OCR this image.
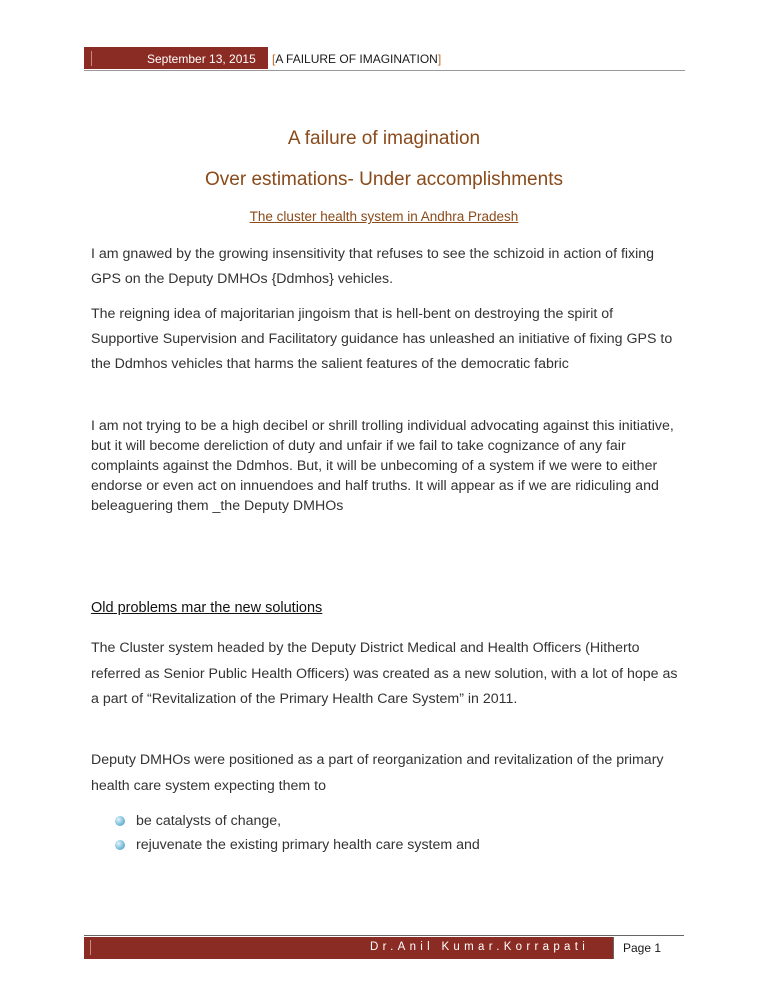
September 13, 2015 [A FAILURE OF IMAGINATION]
A failure of imagination
Over estimations- Under accomplishments
The cluster health system in Andhra Pradesh

I am gnawed by the growing insensitivity that refuses to see the schizoid in action of fixing GPS on the Deputy DMHOs {Ddmhos} vehicles.

The reigning idea of majoritarian jingoism that is hell-bent on destroying the spirit of Supportive Supervision and Facilitatory guidance has unleashed an initiative of fixing GPS to the Ddmhos vehicles that harms the salient features of the democratic fabric

I am not trying to be a high decibel or shrill trolling individual advocating against this initiative, but it will become dereliction of duty and unfair if we fail to take cognizance of any fair complaints against the Ddmhos. But, it will be unbecoming of a system if we were to either endorse or even act on innuendoes and half truths. It will appear as if we are ridiculing and beleaguering them _the Deputy DMHOs

Old problems mar the new solutions

The Cluster system headed by the Deputy District Medical and Health Officers (Hitherto referred as Senior Public Health Officers) was created as a new solution, with a lot of hope as a part of “Revitalization of the Primary Health Care System” in 2011.

Deputy DMHOs were positioned as a part of reorganization and revitalization of the primary health care system expecting them to

be catalysts of change,
rejuvenate the existing primary health care system and
Dr.Anil Kumar.Korrapati	Page 1
